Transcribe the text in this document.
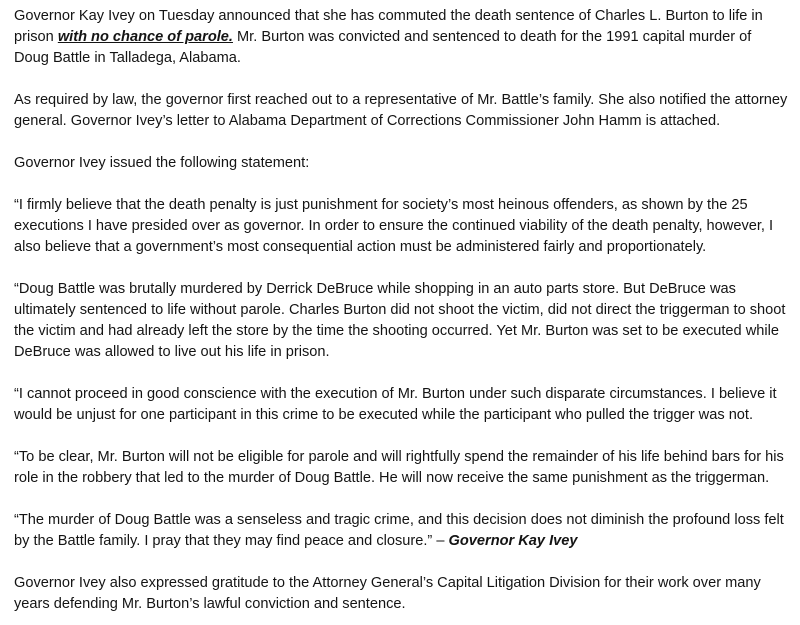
Governor Kay Ivey on Tuesday announced that she has commuted the death sentence of Charles L. Burton to life in prison with no chance of parole. Mr. Burton was convicted and sentenced to death for the 1991 capital murder of Doug Battle in Talladega, Alabama.

As required by law, the governor first reached out to a representative of Mr. Battle’s family. She also notified the attorney general. Governor Ivey’s letter to Alabama Department of Corrections Commissioner John Hamm is attached.

Governor Ivey issued the following statement:

“I firmly believe that the death penalty is just punishment for society’s most heinous offenders, as shown by the 25 executions I have presided over as governor. In order to ensure the continued viability of the death penalty, however, I also believe that a government’s most consequential action must be administered fairly and proportionately.

“Doug Battle was brutally murdered by Derrick DeBruce while shopping in an auto parts store. But DeBruce was ultimately sentenced to life without parole. Charles Burton did not shoot the victim, did not direct the triggerman to shoot the victim and had already left the store by the time the shooting occurred. Yet Mr. Burton was set to be executed while DeBruce was allowed to live out his life in prison.

“I cannot proceed in good conscience with the execution of Mr. Burton under such disparate circumstances. I believe it would be unjust for one participant in this crime to be executed while the participant who pulled the trigger was not.

“To be clear, Mr. Burton will not be eligible for parole and will rightfully spend the remainder of his life behind bars for his role in the robbery that led to the murder of Doug Battle. He will now receive the same punishment as the triggerman.

“The murder of Doug Battle was a senseless and tragic crime, and this decision does not diminish the profound loss felt by the Battle family. I pray that they may find peace and closure.” – Governor Kay Ivey

Governor Ivey also expressed gratitude to the Attorney General’s Capital Litigation Division for their work over many years defending Mr. Burton’s lawful conviction and sentence.
